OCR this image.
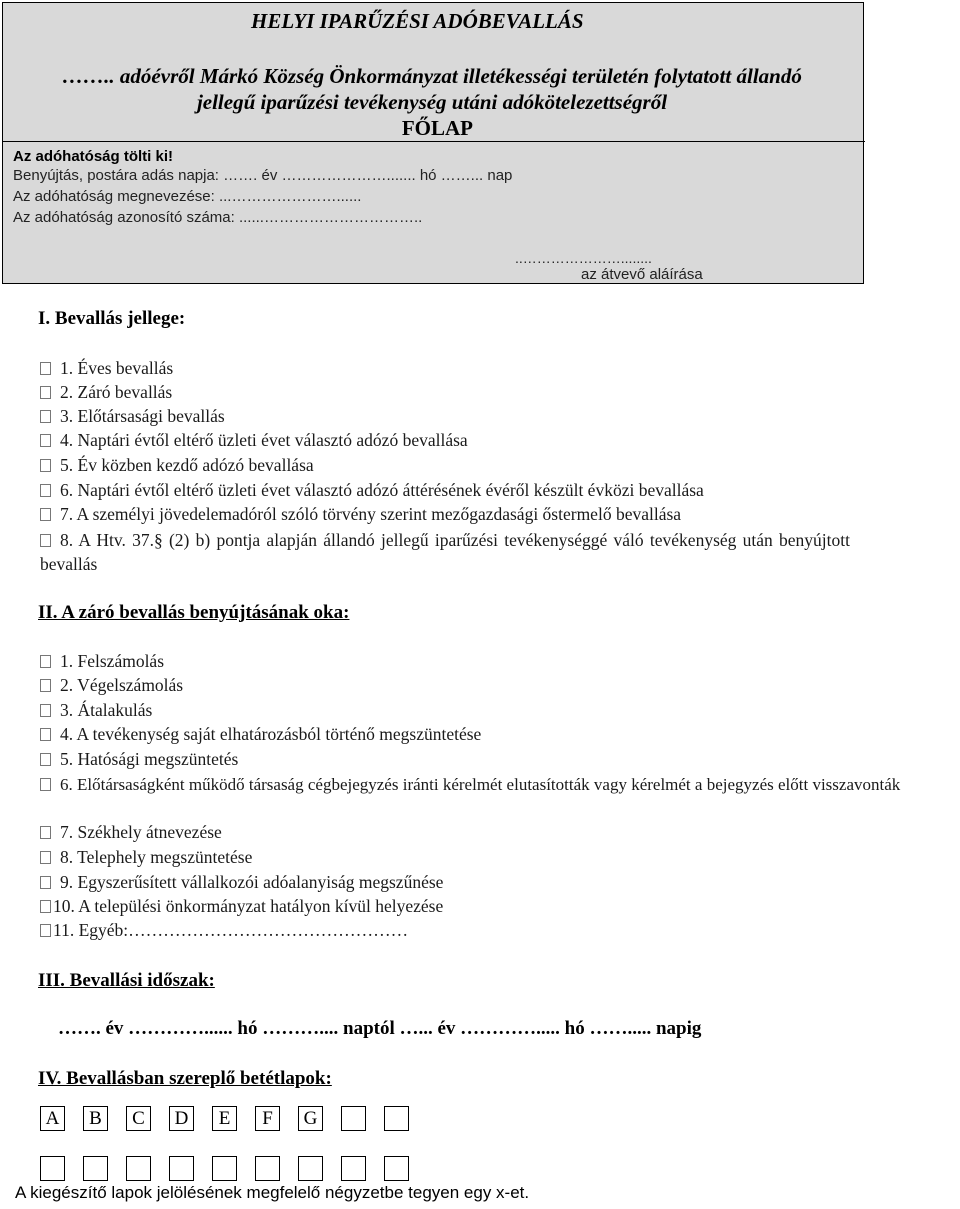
HELYI IPARŰZÉSI ADÓBEVALLÁS
…….. adóévről Márkó Község Önkormányzat illetékességi területén folytatott állandó
jellegű iparűzési tevékenység utáni adókötelezettségről
FŐLAP
Az adóhatóság tölti ki!
Benyújtás, postára adás napja: ……. év …………………....... hó ……... nap
Az adóhatóság megnevezése: ...…………………......
Az adóhatóság azonosító száma: ......…………………………..
..…………………........
az átvevő aláírása
I. Bevallás jellege:
1. Éves bevallás
2. Záró bevallás
3. Előtársasági bevallás
4. Naptári évtől eltérő üzleti évet választó adózó bevallása
5. Év közben kezdő adózó bevallása
6. Naptári évtől eltérő üzleti évet választó adózó áttérésének évéről készült évközi bevallása
7. A személyi jövedelemadóról szóló törvény szerint mezőgazdasági őstermelő bevallása
8. A Htv. 37.§ (2) b) pontja alapján állandó jellegű iparűzési tevékenységgé váló tevékenység után benyújtott bevallás
II. A záró bevallás benyújtásának oka:
1. Felszámolás
2. Végelszámolás
3. Átalakulás
4. A tevékenység saját elhatározásból történő megszüntetése
5. Hatósági megszüntetés
6. Előtársaságként működő társaság cégbejegyzés iránti kérelmét elutasították vagy kérelmét a bejegyzés előtt visszavonták
7. Székhely átnevezése
8. Telephely megszüntetése
9. Egyszerűsített vállalkozói adóalanyiság megszűnése
10. A települési önkormányzat hatályon kívül helyezése
11. Egyéb:…………………………………………
III. Bevallási időszak:
……. év …………...... hó ……….... naptól …... év …………..... hó ……..... napig
IV. Bevallásban szereplő betétlapok:
A	B	C	D	E	F	G
A kiegészítő lapok jelölésének megfelelő négyzetbe tegyen egy x-et.
